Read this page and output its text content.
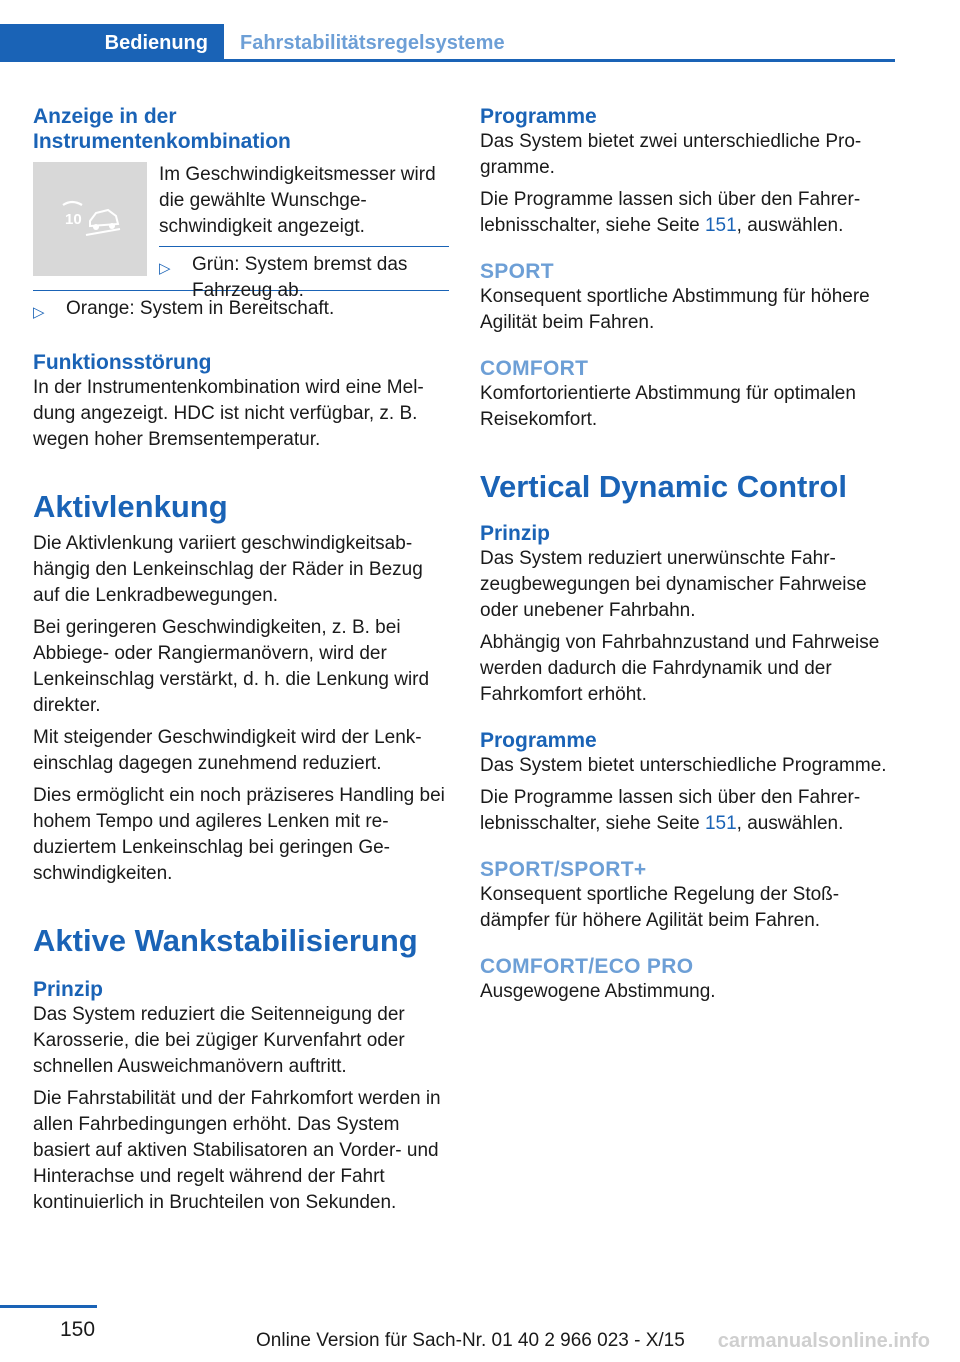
Bedienung	Fahrstabilitätsregelsysteme
Anzeige in der
Instrumentenkombination
10

Im Geschwindigkeitsmesser wird die gewählte Wunschgeschwindigkeit angezeigt.

▷ Grün: System bremst das Fahrzeug ab.
▷ Orange: System in Bereitschaft.
Funktionsstörung

In der Instrumentenkombination wird eine Meldung angezeigt. HDC ist nicht verfügbar, z. B. wegen hoher Bremsentemperatur.

Aktivlenkung

Die Aktivlenkung variiert geschwindigkeitsabhängig den Lenkeinschlag der Räder in Bezug auf die Lenkradbewegungen.

Bei geringeren Geschwindigkeiten, z. B. bei Abbiege- oder Rangiermanövern, wird der Lenkeinschlag verstärkt, d. h. die Lenkung wird direkter.

Mit steigender Geschwindigkeit wird der Lenkeinschlag dagegen zunehmend reduziert.

Dies ermöglicht ein noch präziseres Handling bei hohem Tempo und agileres Lenken mit reduziertem Lenkeinschlag bei geringen Geschwindigkeiten.

Aktive Wankstabilisierung
Prinzip

Das System reduziert die Seitenneigung der Karosserie, die bei zügiger Kurvenfahrt oder schnellen Ausweichmanövern auftritt.

Die Fahrstabilität und der Fahrkomfort werden in allen Fahrbedingungen erhöht. Das System basiert auf aktiven Stabilisatoren an Vorder- und Hinterachse und regelt während der Fahrt kontinuierlich in Bruchteilen von Sekunden.

Programme

Das System bietet zwei unterschiedliche Programme.

Die Programme lassen sich über den Fahrerlebnisschalter, siehe Seite 151, auswählen.

SPORT

Konsequent sportliche Abstimmung für höhere Agilität beim Fahren.

COMFORT

Komfortorientierte Abstimmung für optimalen Reisekomfort.

Vertical Dynamic Control
Prinzip

Das System reduziert unerwünschte Fahrzeugbewegungen bei dynamischer Fahrweise oder unebener Fahrbahn.

Abhängig von Fahrbahnzustand und Fahrweise werden dadurch die Fahrdynamik und der Fahrkomfort erhöht.

Programme

Das System bietet unterschiedliche Programme.

Die Programme lassen sich über den Fahrerlebnisschalter, siehe Seite 151, auswählen.

SPORT/SPORT+

Konsequent sportliche Regelung der Stoßdämpfer für höhere Agilität beim Fahren.

COMFORT/ECO PRO

Ausgewogene Abstimmung.

150	Online Version für Sach-Nr. 01 40 2 966 023 - X/15 carmanualsonline.info
